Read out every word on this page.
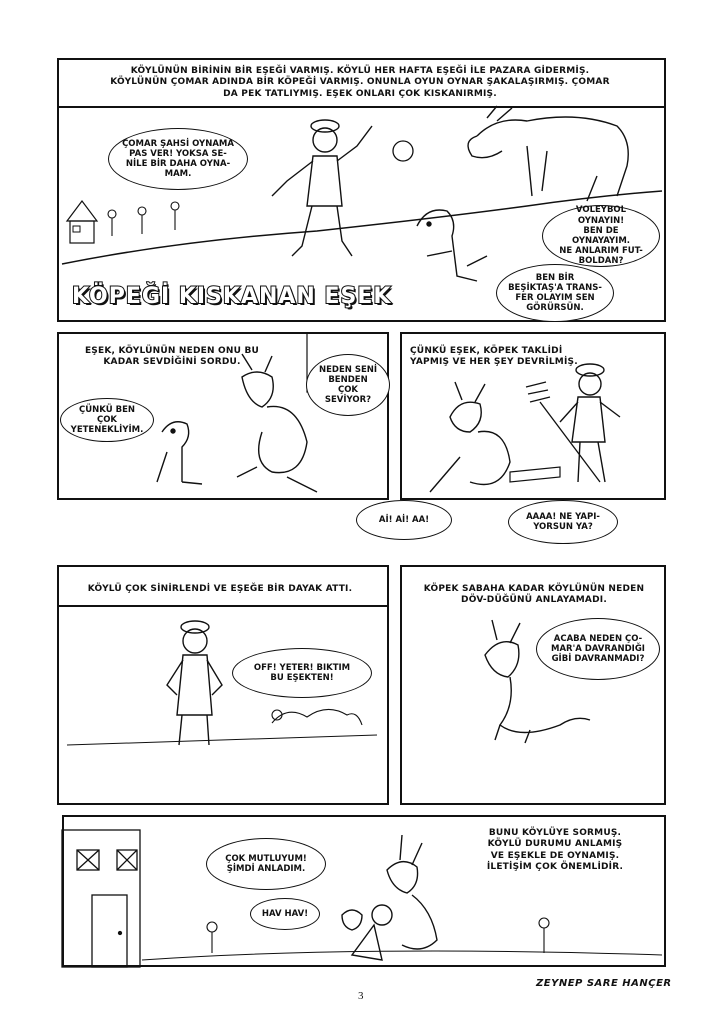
KÖYLÜNÜN BİRİNİN BİR EŞEĞİ VARMIŞ. KÖYLÜ HER HAFTA EŞEĞİ İLE PAZARA GİDERMİŞ. KÖYLÜNÜN ÇOMAR ADINDA BİR KÖPEĞİ VARMIŞ. ONUNLA OYUN OYNAR ŞAKALAŞIRMIŞ. ÇOMAR DA PEK TATLIYMIŞ. EŞEK ONLARI ÇOK KISKANIRMIŞ.
ÇOMAR ŞAHSİ OYNAMA
PAS VER! YOKSA SE-
NİLE BİR DAHA OYNA-
MAM.
VOLEYBOL OYNAYIN!
BEN DE OYNAYAYIM.
NE ANLARIM FUT-
BOLDAN?
BEN BİR
BEŞİKTAŞ'A TRANS-
FER OLAYIM SEN
GÖRÜRSÜN.
KÖPEĞİ KISKANAN EŞEK
EŞEK, KÖYLÜNÜN NEDEN ONU BU KADAR SEVDİĞİNİ SORDU.
NEDEN SENİ
BENDEN ÇOK
SEVİYOR?
ÇÜNKÜ BEN ÇOK
YETENEKLİYİM.
ÇÜNKÜ EŞEK, KÖPEK TAKLİDİ YAPMIŞ VE HER ŞEY DEVRİLMİŞ.
Aİ! Aİ! AA!	AAAA! NE YAPI-
YORSUN YA?
KÖYLÜ ÇOK SİNİRLENDİ VE EŞEĞE BİR DAYAK ATTI.
OFF! YETER! BIKTIM
BU EŞEKTEN!
KÖPEK SABAHA KADAR KÖYLÜNÜN NEDEN DÖV-DÜĞÜNÜ ANLAYAMADI.
ACABA NEDEN ÇO-
MAR'A DAVRANDIĞI
GİBİ DAVRANMADI?
ÇOK MUTLUYUM!
ŞİMDİ ANLADIM.
HAV HAV!
BUNU KÖYLÜYE SORMUŞ. KÖYLÜ DURUMU ANLAMIŞ VE EŞEKLE DE OYNAMIŞ. İLETİŞİM ÇOK ÖNEMLİDİR.
ZEYNEP SARE HANÇER
3
